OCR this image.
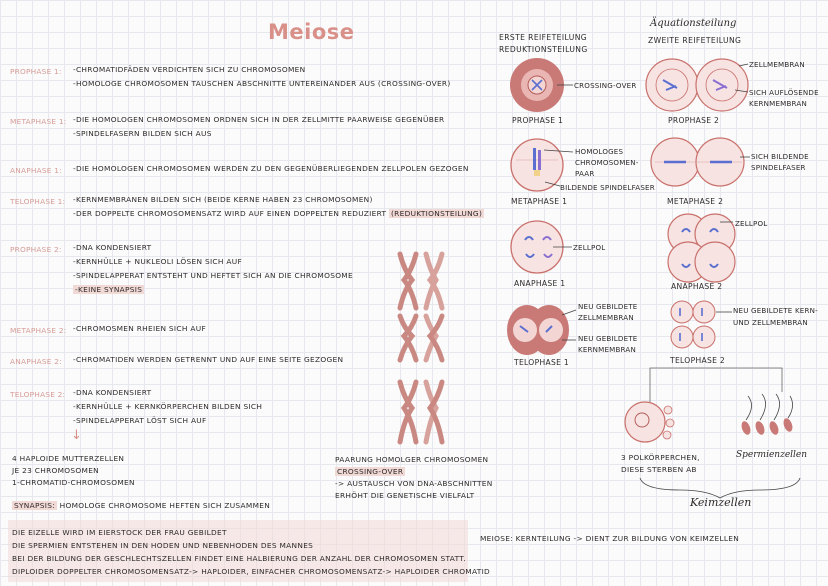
Meiose
PROPHASE 1: -CHROMATIDFÄDEN VERDICHTEN SICH ZU CHROMOSOMEN
-HOMOLOGE CHROMOSOMEN TAUSCHEN ABSCHNITTE UNTEREINANDER AUS (CROSSING-OVER)
METAPHASE 1: -DIE HOMOLOGEN CHROMOSOMEN ORDNEN SICH IN DER ZELLMITTE PAARWEISE GEGENÜBER
-SPINDELFASERN BILDEN SICH AUS
ANAPHASE 1: -DIE HOMOLOGEN CHROMOSOMEN WERDEN ZU DEN GEGENÜBERLIEGENDEN ZELLPOLEN GEZOGEN
TELOPHASE 1: -KERNMEMBRANEN BILDEN SICH (BEIDE KERNE HABEN 23 CHROMOSOMEN)
-DER DOPPELTE CHROMOSOMENSATZ WIRD AUF EINEN DOPPELTEN REDUZIERT (REDUKTIONSTEILUNG)
PROPHASE 2: -DNA KONDENSIERT
-KERNHÜLLE + NUKLEOLI LÖSEN SICH AUF
-SPINDELAPPERAT ENTSTEHT UND HEFTET SICH AN DIE CHROMOSOME
-KEINE SYNAPSIS
METAPHASE 2: -CHROMOSMEN RHEIEN SICH AUF
ANAPHASE 2: -CHROMATIDEN WERDEN GETRENNT UND AUF EINE SEITE GEZOGEN
TELOPHASE 2: -DNA KONDENSIERT
-KERNHÜLLE + KERNKÖRPERCHEN BILDEN SICH
-SPINDELAPPERAT LÖST SICH AUF
↓
4 HAPLOIDE MUTTERZELLEN
JE 23 CHROMOSOMEN
1-CHROMATID-CHROMOSOMEN
SYNAPSIS: HOMOLOGE CHROMOSOME HEFTEN SICH ZUSAMMEN
DIE EIZELLE WIRD IM EIERSTOCK DER FRAU GEBILDET
DIE SPERMIEN ENTSTEHEN IN DEN HODEN UND NEBENHODEN DES MANNES
BEI DER BILDUNG DER GESCHLECHTSZELLEN FINDET EINE HALBIERUNG DER ANZAHL DER CHROMOSOMEN STATT.
DIPLOIDER DOPPELTER CHROMOSOMENSATZ-> HAPLOIDER, EINFACHER CHROMOSOMENSATZ-> HAPLOIDER CHROMATID
PAARUNG HOMOLGER CHROMOSOMEN
CROSSING-OVER
-> AUSTAUSCH VON DNA-ABSCHNITTEN
ERHÖHT DIE GENETISCHE VIELFALT
ERSTE REIFETEILUNG
REDUKTIONSTEILUNG
Äquationsteilung
ZWEITE REIFETEILUNG
PROPHASE 1
METAPHASE 1
ANAPHASE 1
TELOPHASE 1
PROPHASE 2
METAPHASE 2
ANAPHASE 2
TELOPHASE 2
CROSSING-OVER
HOMOLOGES
CHROMOSOMEN-
PAAR
BILDENDE SPINDELFASER
ZELLPOL
NEU GEBILDETE
ZELLMEMBRAN
NEU GEBILDETE
KERNMEMBRAN
ZELLMEMBRAN
SICH AUFLÖSENDE
KERNMEMBRAN
SICH BILDENDE
SPINDELFASER
ZELLPOL
NEU GEBILDETE KERN-
UND ZELLMEMBRAN
3 POLKÖRPERCHEN,
DIESE STERBEN AB
Spermienzellen
Keimzellen
MEIOSE: KERNTEILUNG -> DIENT ZUR BILDUNG VON KEIMZELLEN
